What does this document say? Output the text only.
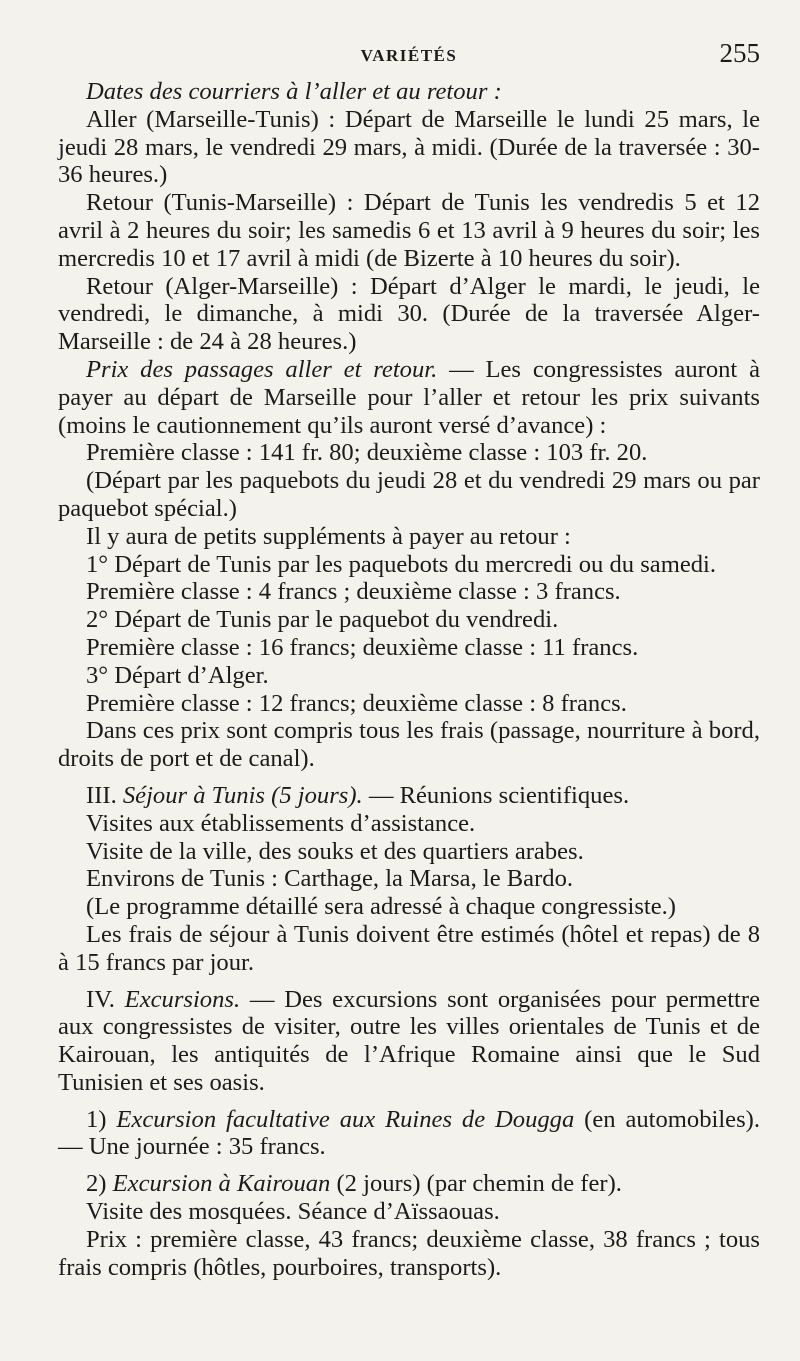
VARIÉTÉS	255

Dates des courriers à l’aller et au retour :

Aller (Marseille-Tunis) : Départ de Marseille le lundi 25 mars, le jeudi 28 mars, le vendredi 29 mars, à midi. (Durée de la traversée : 30-36 heures.)

Retour (Tunis-Marseille) : Départ de Tunis les vendredis 5 et 12 avril à 2 heures du soir; les samedis 6 et 13 avril à 9 heures du soir; les mercredis 10 et 17 avril à midi (de Bizerte à 10 heures du soir).

Retour (Alger-Marseille) : Départ d’Alger le mardi, le jeudi, le vendredi, le dimanche, à midi 30. (Durée de la traversée Alger-Marseille : de 24 à 28 heures.)

Prix des passages aller et retour. — Les congressistes auront à payer au départ de Marseille pour l’aller et retour les prix suivants (moins le cautionnement qu’ils auront versé d’avance) :

Première classe : 141 fr. 80; deuxième classe : 103 fr. 20.

(Départ par les paquebots du jeudi 28 et du vendredi 29 mars ou par paquebot spécial.)

Il y aura de petits suppléments à payer au retour :

1° Départ de Tunis par les paquebots du mercredi ou du samedi.

Première classe : 4 francs ; deuxième classe : 3 francs.

2° Départ de Tunis par le paquebot du vendredi.

Première classe : 16 francs; deuxième classe : 11 francs.

3° Départ d’Alger.

Première classe : 12 francs; deuxième classe : 8 francs.

Dans ces prix sont compris tous les frais (passage, nourriture à bord, droits de port et de canal).

III. Séjour à Tunis (5 jours). — Réunions scientifiques.

Visites aux établissements d’assistance.

Visite de la ville, des souks et des quartiers arabes.

Environs de Tunis : Carthage, la Marsa, le Bardo.

(Le programme détaillé sera adressé à chaque congressiste.)

Les frais de séjour à Tunis doivent être estimés (hôtel et repas) de 8 à 15 francs par jour.

IV. Excursions. — Des excursions sont organisées pour permettre aux congressistes de visiter, outre les villes orientales de Tunis et de Kairouan, les antiquités de l’Afrique Romaine ainsi que le Sud Tunisien et ses oasis.

1) Excursion facultative aux Ruines de Dougga (en automobiles). — Une journée : 35 francs.

2) Excursion à Kairouan (2 jours) (par chemin de fer).

Visite des mosquées. Séance d’Aïssaouas.

Prix : première classe, 43 francs; deuxième classe, 38 francs ; tous frais compris (hôtles, pourboires, transports).
